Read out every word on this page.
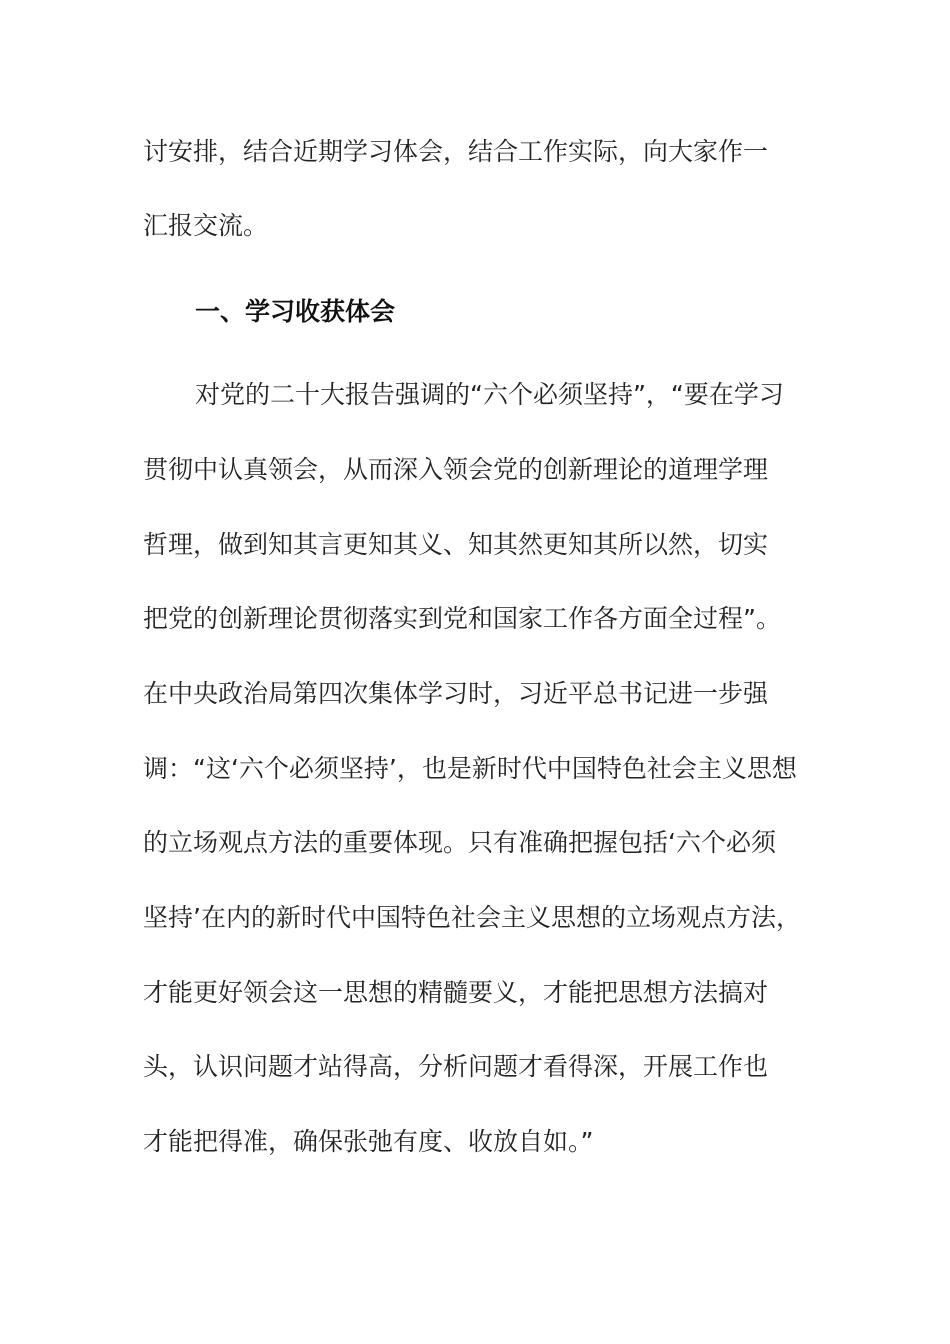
讨安排，结合近期学习体会，结合工作实际，向大家作一

汇报交流。

一、学习收获体会

对党的二十大报告强调的“六个必须坚持”，“要在学习

贯彻中认真领会，从而深入领会党的创新理论的道理学理

哲理，做到知其言更知其义、知其然更知其所以然，切实

把党的创新理论贯彻落实到党和国家工作各方面全过程”。

在中央政治局第四次集体学习时，习近平总书记进一步强

调：“这‘六个必须坚持’，也是新时代中国特色社会主义思想

的立场观点方法的重要体现。只有准确把握包括‘六个必须

坚持’在内的新时代中国特色社会主义思想的立场观点方法，

才能更好领会这一思想的精髓要义，才能把思想方法搞对

头，认识问题才站得高，分析问题才看得深，开展工作也

才能把得准，确保张弛有度、收放自如。”
